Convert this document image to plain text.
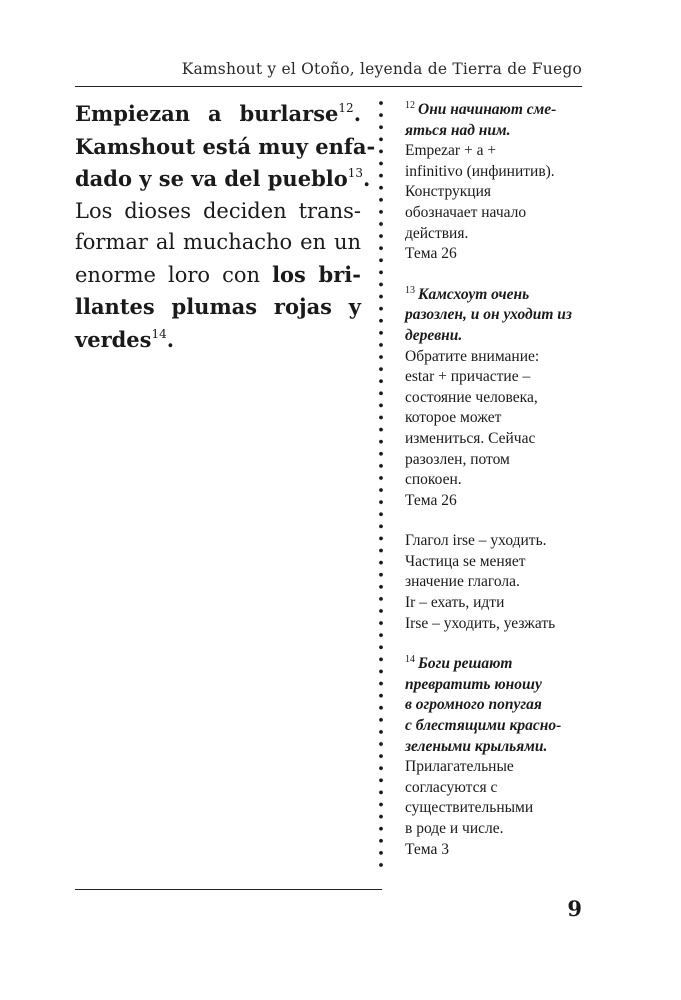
Kamshout y el Otoño, leyenda de Tierra de Fuego
Empiezan a burlarse$^{12}$.
Kamshout está muy enfa-
dado y se va del pueblo$^{13}$.
Los dioses deciden trans-
formar al muchacho en un
enorme loro con los bri-
llantes plumas rojas y
verdes$^{14}$.
$^{12}$ Они начинают сме-
яться над ним.
Empezar + a +
infinitivo (инфинитив).
Конструкция
обозначает начало
действия.
Тема 26
$^{13}$ Камсхоут очень
разозлен, и он уходит из
деревни.
Обратите внимание:
estar + причастие –
состояние человека,
которое может
измениться. Сейчас
разозлен, потом
спокоен.
Тема 26
Глагол irse – уходить.
Частица se меняет
значение глагола.
Ir – ехать, идти
Irse – уходить, уезжать
$^{14}$ Боги решают
превратить юношу
в огромного попугая
с блестящими красно-
зелеными крыльями.
Прилагательные
согласуются с
существительными
в роде и числе.
Тема 3
9
